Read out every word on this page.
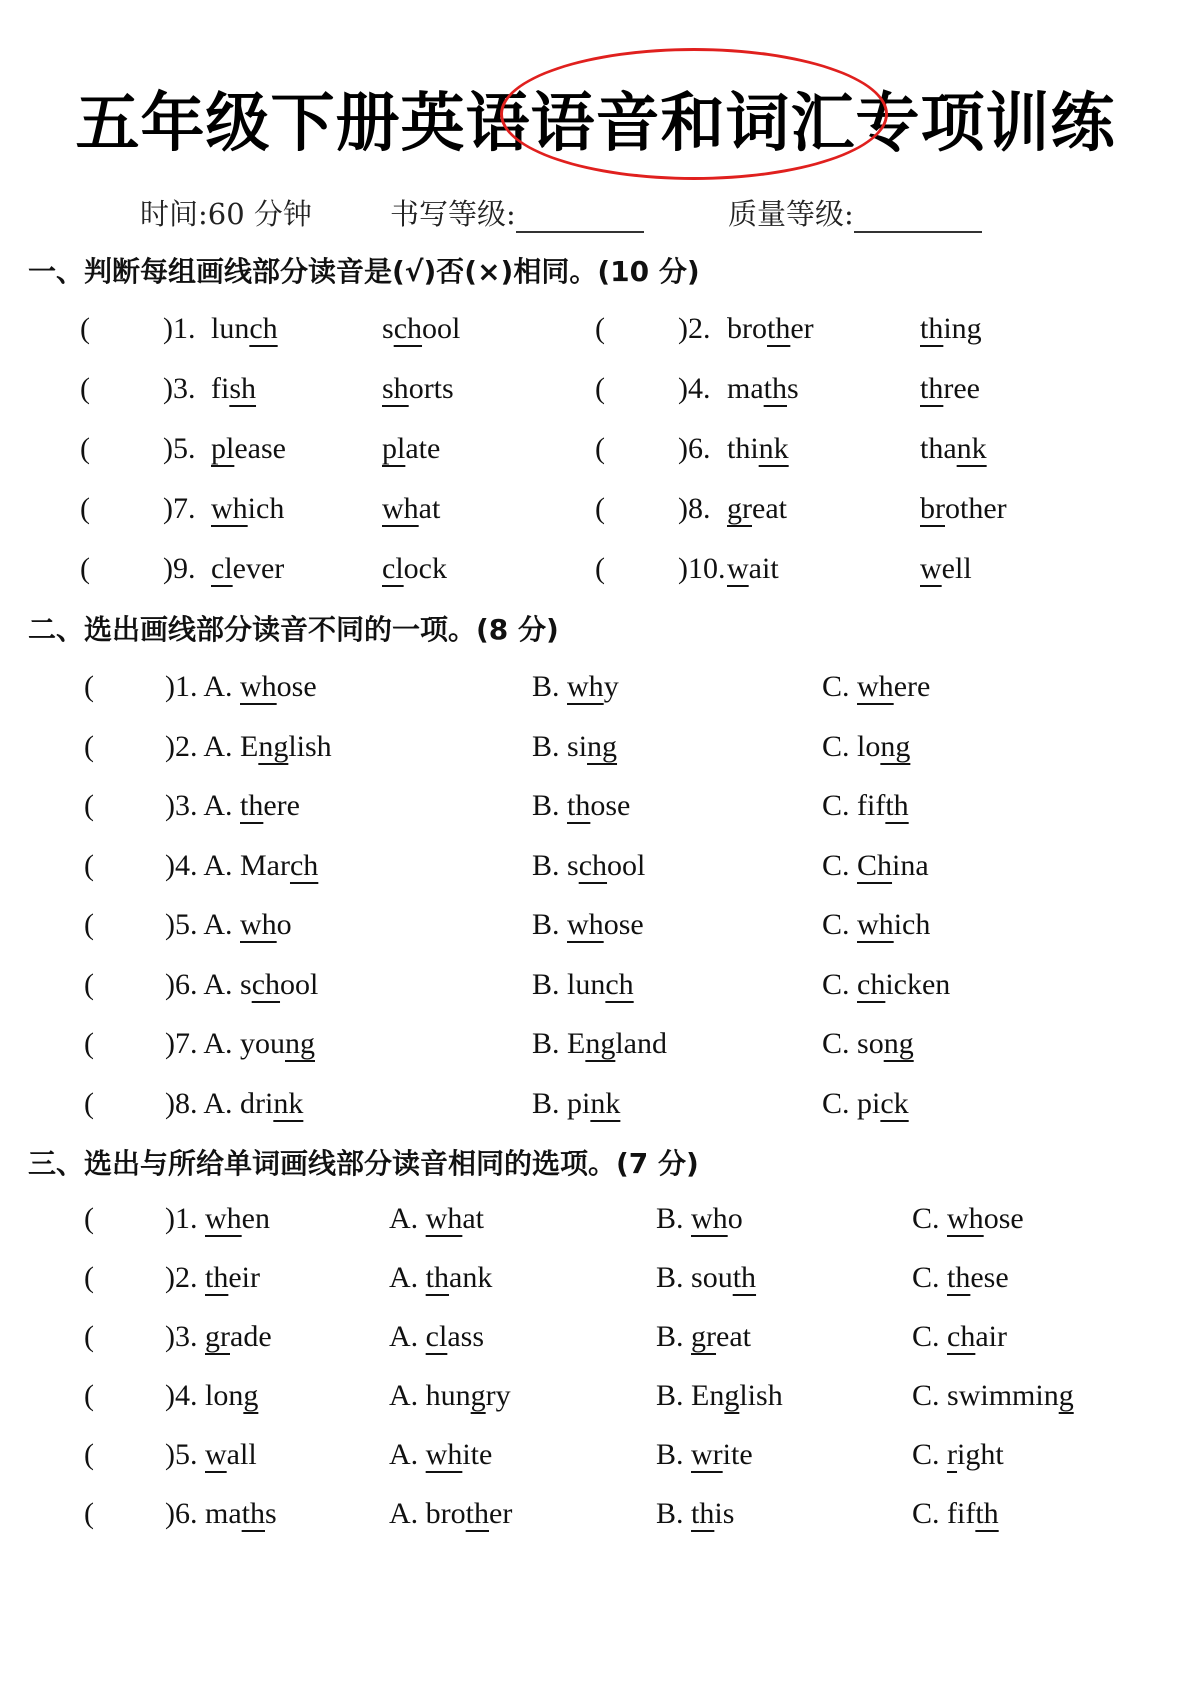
五年级下册英语语音和词汇专项训练
时间:60 分钟	书写等级:	质量等级:
一、判断每组画线部分读音是(√)否(×)相同。(10 分)
( )1. lunch	school	( )2. brother	thing
( )3. fish	shorts	( )4. maths	three
( )5. please	plate	( )6. think	thank
( )7. which	what	( )8. great	brother
( )9. clever	clock	( )10. wait	well
二、选出画线部分读音不同的一项。(8 分)
( )1. A. whose	B. why	C. where
( )2. A. English	B. sing	C. long
( )3. A. there	B. those	C. fifth
( )4. A. March	B. school	C. China
( )5. A. who	B. whose	C. which
( )6. A. school	B. lunch	C. chicken
( )7. A. young	B. England	C. song
( )8. A. drink	B. pink	C. pick
三、选出与所给单词画线部分读音相同的选项。(7 分)
( )1. when	A. what	B. who	C. whose
( )2. their	A. thank	B. south	C. these
( )3. grade	A. class	B. great	C. chair
( )4. long	A. hungry	B. English	C. swimming
( )5. wall	A. white	B. write	C. right
( )6. maths	A. brother	B. this	C. fifth
